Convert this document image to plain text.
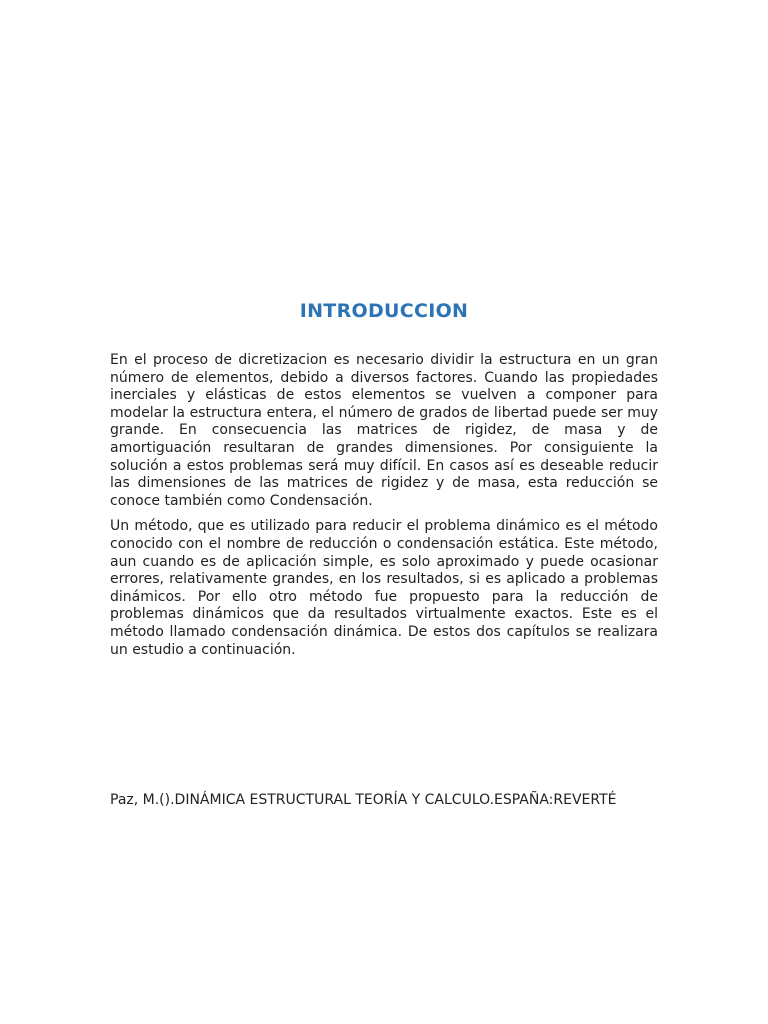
INTRODUCCION

En el proceso de dicretizacion es necesario dividir la estructura en un gran número de elementos, debido a diversos factores. Cuando las propiedades inerciales y elásticas de estos elementos se vuelven a componer para modelar la estructura entera, el número de grados de libertad puede ser muy grande. En consecuencia las matrices de rigidez, de masa y de amortiguación resultaran de grandes dimensiones. Por consiguiente la solución a estos problemas será muy difícil. En casos así es deseable reducir las dimensiones de las matrices de rigidez y de masa, esta reducción se conoce también como Condensación.

Un método, que es utilizado para reducir el problema dinámico es el método conocido con el nombre de reducción o condensación estática. Este método, aun cuando es de aplicación simple, es solo aproximado y puede ocasionar errores, relativamente grandes, en los resultados, si es aplicado a problemas dinámicos. Por ello otro método fue propuesto para la reducción de problemas dinámicos que da resultados virtualmente exactos. Este es el método llamado condensación dinámica. De estos dos capítulos se realizara un estudio a continuación.

Paz, M.().DINÁMICA ESTRUCTURAL TEORÍA Y CALCULO.ESPAÑA:REVERTÉ
